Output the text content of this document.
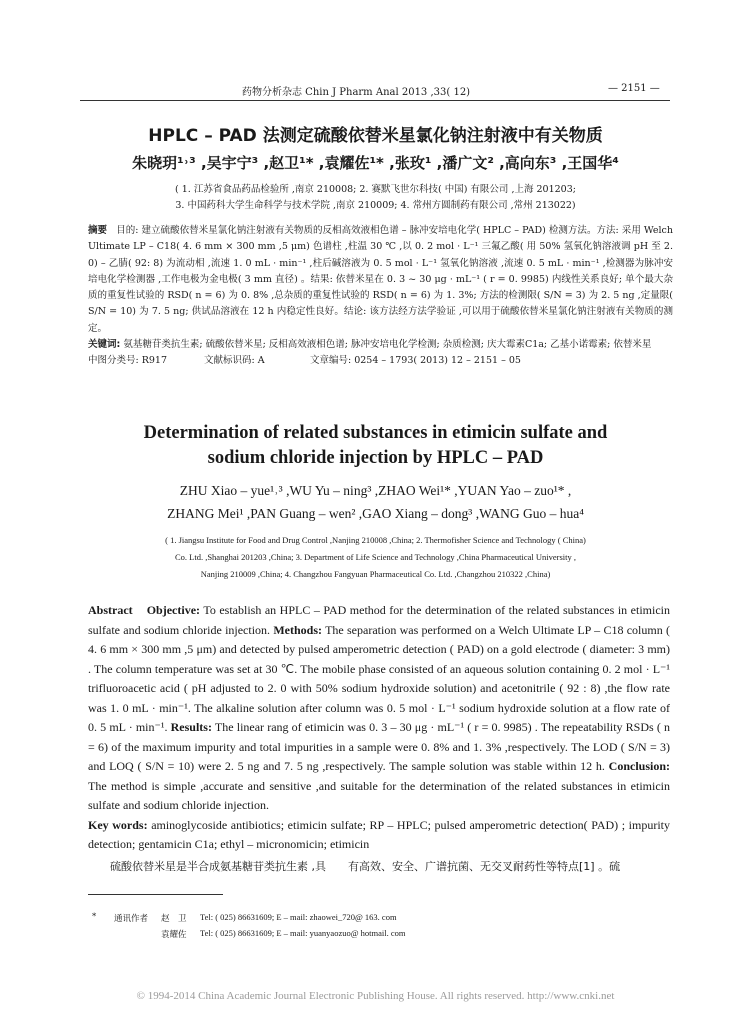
药物分析杂志 Chin J Pharm Anal 2013 ,33( 12)	— 2151 —
HPLC – PAD 法测定硫酸依替米星氯化钠注射液中有关物质
朱晓玥¹˒³ ,吴宇宁³ ,赵卫¹* ,袁耀佐¹* ,张玫¹ ,潘广文² ,高向东³ ,王国华⁴
( 1. 江苏省食品药品检验所 ,南京 210008; 2. 赛默飞世尔科技( 中国) 有限公司 ,上海 201203;
3. 中国药科大学生命科学与技术学院 ,南京 210009; 4. 常州方圆制药有限公司 ,常州 213022)
摘要 目的: 建立硫酸依替米星氯化钠注射液有关物质的反相高效液相色谱 – 脉冲安培电化学( HPLC – PAD) 检测方法。方法: 采用 Welch Ultimate LP – C18( 4. 6 mm × 300 mm ,5 μm) 色谱柱 ,柱温 30 ℃ ,以 0. 2 mol · L⁻¹ 三氟乙酸( 用 50% 氢氧化钠溶液调 pH 至 2. 0) – 乙腈( 92: 8) 为流动相 ,流速 1. 0 mL · min⁻¹ ,柱后碱溶液为 0. 5 mol · L⁻¹ 氢氧化钠溶液 ,流速 0. 5 mL · min⁻¹ ,检测器为脉冲安培电化学检测器 ,工作电极为金电极( 3 mm 直径) 。结果: 依替米星在 0. 3 ~ 30 μg · mL⁻¹ ( r = 0. 9985) 内线性关系良好; 单个最大杂质的重复性试验的 RSD( n = 6) 为 0. 8% ,总杂质的重复性试验的 RSD( n = 6) 为 1. 3%; 方法的检测限( S/N = 3) 为 2. 5 ng ,定量限( S/N = 10) 为 7. 5 ng; 供试品溶液在 12 h 内稳定性良好。结论: 该方法经方法学验证 ,可以用于硫酸依替米星氯化钠注射液有关物质的测定。
关键词: 氨基糖苷类抗生素; 硫酸依替米星; 反相高效液相色谱; 脉冲安培电化学检测; 杂质检测; 庆大霉素C1a; 乙基小诺霉素; 依替米星
中图分类号: R917	文献标识码: A	文章编号: 0254 – 1793( 2013) 12 – 2151 – 05
Determination of related substances in etimicin sulfate and
sodium chloride injection by HPLC – PAD
ZHU Xiao – yue¹˒³ ,WU Yu – ning³ ,ZHAO Wei¹* ,YUAN Yao – zuo¹* ,
ZHANG Mei¹ ,PAN Guang – wen² ,GAO Xiang – dong³ ,WANG Guo – hua⁴
( 1. Jiangsu Institute for Food and Drug Control ,Nanjing 210008 ,China; 2. Thermofisher Science and Technology ( China)
Co. Ltd. ,Shanghai 201203 ,China; 3. Department of Life Science and Technology ,China Pharmaceutical University ,
Nanjing 210009 ,China; 4. Changzhou Fangyuan Pharmaceutical Co. Ltd. ,Changzhou 210322 ,China)
Abstract Objective: To establish an HPLC – PAD method for the determination of the related substances in etimicin sulfate and sodium chloride injection. Methods: The separation was performed on a Welch Ultimate LP – C18 column ( 4. 6 mm × 300 mm ,5 μm) and detected by pulsed amperometric detection ( PAD) on a gold electrode ( diameter: 3 mm) . The column temperature was set at 30 ℃. The mobile phase consisted of an aqueous solution containing 0. 2 mol · L⁻¹ trifluoroacetic acid ( pH adjusted to 2. 0 with 50% sodium hydroxide solution) and acetonitrile ( 92 : 8) ,the flow rate was 1. 0 mL · min⁻¹. The alkaline solution after column was 0. 5 mol · L⁻¹ sodium hydroxide solution at a flow rate of 0. 5 mL · min⁻¹. Results: The linear rang of etimicin was 0. 3 – 30 μg · mL⁻¹ ( r = 0. 9985) . The repeatability RSDs ( n = 6) of the maximum impurity and total impurities in a sample were 0. 8% and 1. 3% ,respectively. The LOD ( S/N = 3) and LOQ ( S/N = 10) were 2. 5 ng and 7. 5 ng ,respectively. The sample solution was stable within 12 h. Conclusion: The method is simple ,accurate and sensitive ,and suitable for the determination of the related substances in etimicin sulfate and sodium chloride injection.
Key words: aminoglycoside antibiotics; etimicin sulfate; RP – HPLC; pulsed amperometric detection( PAD) ; impurity detection; gentamicin C1a; ethyl – micronomicin; etimicin
硫酸依替米星是半合成氨基糖苷类抗生素 ,具　　有高效、安全、广谱抗菌、无交叉耐药性等特点[1] 。硫
* 通讯作者 赵　卫 Tel: ( 025) 86631609; E – mail: zhaowei_720@ 163. com
袁耀佐 Tel: ( 025) 86631609; E – mail: yuanyaozuo@ hotmail. com
© 1994-2014 China Academic Journal Electronic Publishing House. All rights reserved. http://www.cnki.net
